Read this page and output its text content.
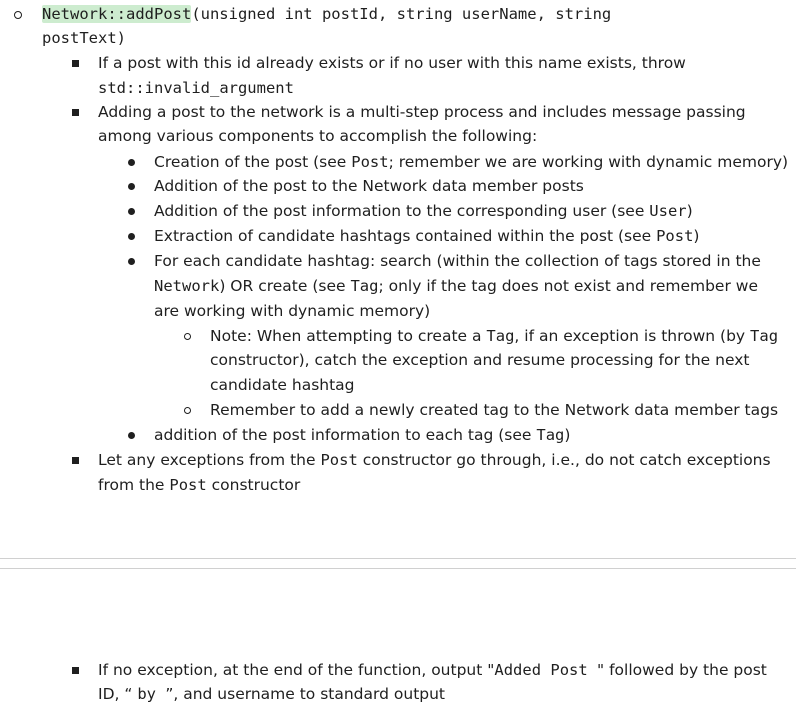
Network::addPost(unsigned int postId, string userName, string
postText)
If a post with this id already exists or if no user with this name exists, throw
std::invalid_argument
Adding a post to the network is a multi-step process and includes message passing
among various components to accomplish the following:
Creation of the post (see Post; remember we are working with dynamic memory)
Addition of the post to the Network data member posts
Addition of the post information to the corresponding user (see User)
Extraction of candidate hashtags contained within the post (see Post)
For each candidate hashtag: search (within the collection of tags stored in the
Network) OR create (see Tag; only if the tag does not exist and remember we
are working with dynamic memory)
Note: When attempting to create a Tag, if an exception is thrown (by Tag
constructor), catch the exception and resume processing for the next
candidate hashtag
Remember to add a newly created tag to the Network data member tags
addition of the post information to each tag (see Tag)
Let any exceptions from the Post constructor go through, i.e., do not catch exceptions
from the Post constructor
If no exception, at the end of the function, output "Added Post " followed by the post
ID, “ by ”, and username to standard output
